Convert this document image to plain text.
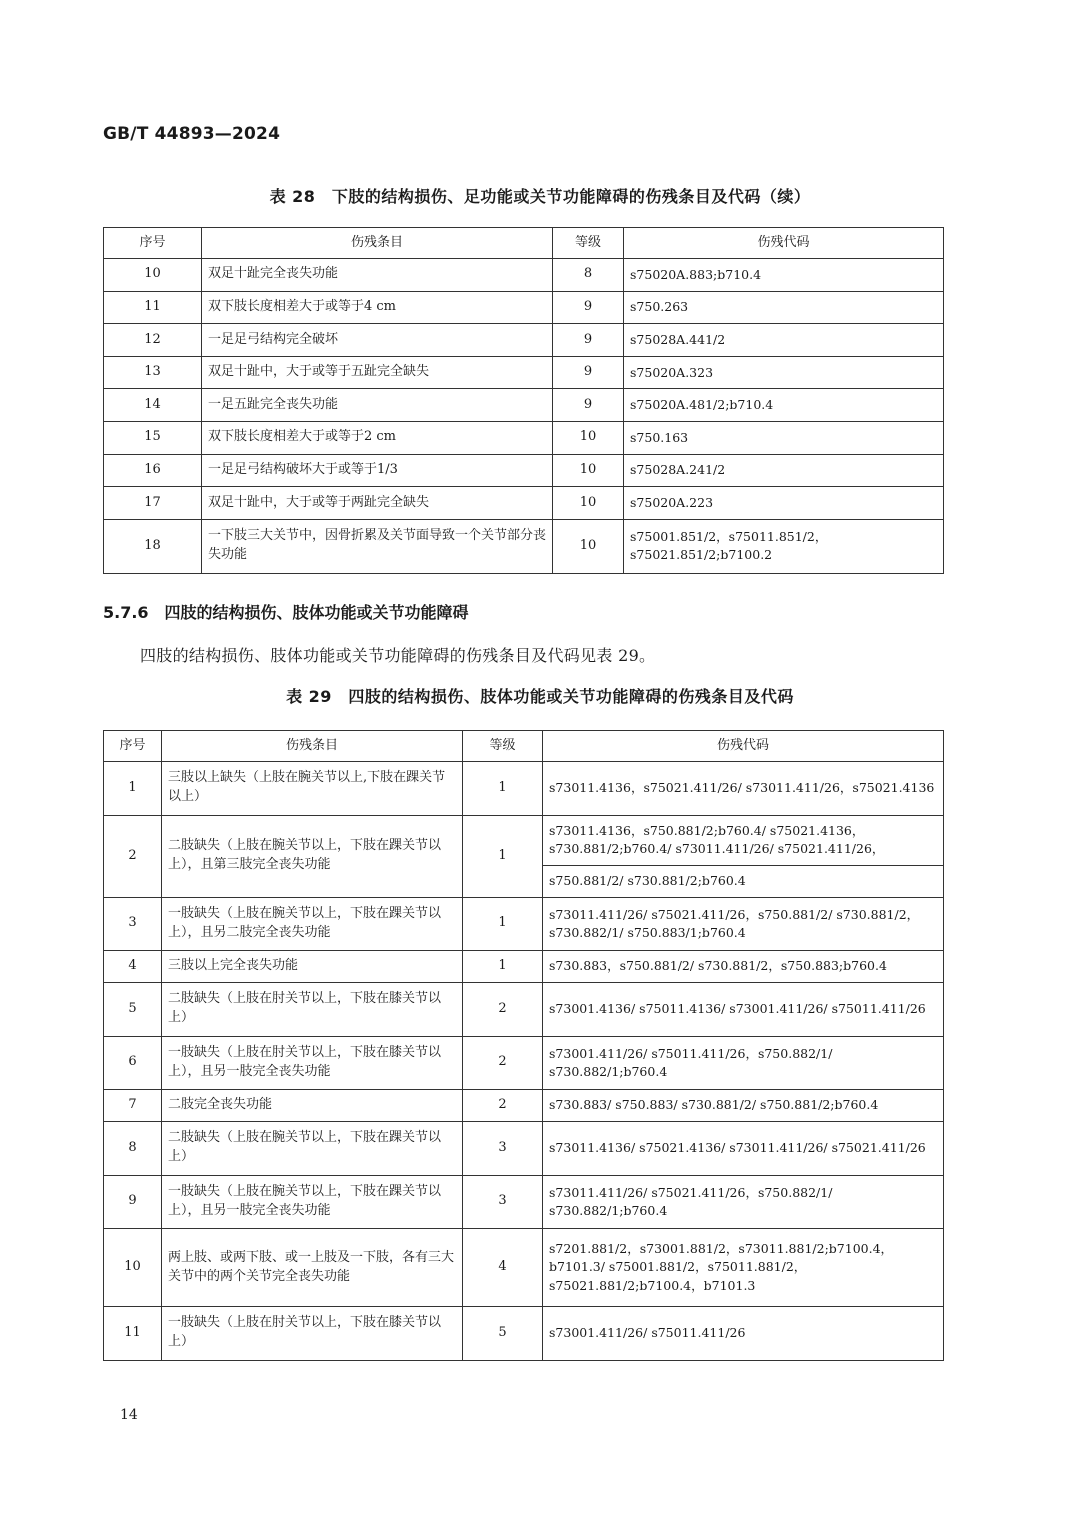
GB/T 44893—2024
表 28　下肢的结构损伤、足功能或关节功能障碍的伤残条目及代码（续）
序号	伤残条目	等级	伤残代码
10	双足十趾完全丧失功能	8	s75020A.883;b710.4
11	双下肢长度相差大于或等于4 cm	9	s750.263
12	一足足弓结构完全破坏	9	s75028A.441/2
13	双足十趾中，大于或等于五趾完全缺失	9	s75020A.323
14	一足五趾完全丧失功能	9	s75020A.481/2;b710.4
15	双下肢长度相差大于或等于2 cm	10	s750.163
16	一足足弓结构破坏大于或等于1/3	10	s75028A.241/2
17	双足十趾中，大于或等于两趾完全缺失	10	s75020A.223
18	一下肢三大关节中，因骨折累及关节面导致一个关节部分丧失功能	10	s75001.851/2，s75011.851/2，s75021.851/2;b7100.2
5.7.6　四肢的结构损伤、肢体功能或关节功能障碍
四肢的结构损伤、肢体功能或关节功能障碍的伤残条目及代码见表 29。
表 29　四肢的结构损伤、肢体功能或关节功能障碍的伤残条目及代码
序号	伤残条目	等级	伤残代码
1	三肢以上缺失（上肢在腕关节以上,下肢在踝关节以上）	1	s73011.4136，s75021.411/26/ s73011.411/26，s75021.4136
2	二肢缺失（上肢在腕关节以上，下肢在踝关节以上），且第三肢完全丧失功能	1	s73011.4136，s750.881/2;b760.4/ s75021.4136，s730.881/2;b760.4/ s73011.411/26/ s75021.411/26，
			s750.881/2/ s730.881/2;b760.4
3	一肢缺失（上肢在腕关节以上，下肢在踝关节以上），且另二肢完全丧失功能	1	s73011.411/26/ s75021.411/26，s750.881/2/ s730.881/2，s730.882/1/ s750.883/1;b760.4
4	三肢以上完全丧失功能	1	s730.883，s750.881/2/ s730.881/2，s750.883;b760.4
5	二肢缺失（上肢在肘关节以上，下肢在膝关节以上）	2	s73001.4136/ s75011.4136/ s73001.411/26/ s75011.411/26
6	一肢缺失（上肢在肘关节以上，下肢在膝关节以上），且另一肢完全丧失功能	2	s73001.411/26/ s75011.411/26，s750.882/1/ s730.882/1;b760.4
7	二肢完全丧失功能	2	s730.883/ s750.883/ s730.881/2/ s750.881/2;b760.4
8	二肢缺失（上肢在腕关节以上，下肢在踝关节以上）	3	s73011.4136/ s75021.4136/ s73011.411/26/ s75021.411/26
9	一肢缺失（上肢在腕关节以上，下肢在踝关节以上），且另一肢完全丧失功能	3	s73011.411/26/ s75021.411/26，s750.882/1/ s730.882/1;b760.4
10	两上肢、或两下肢、或一上肢及一下肢，各有三大关节中的两个关节完全丧失功能	4	s7201.881/2，s73001.881/2，s73011.881/2;b7100.4，b7101.3/ s75001.881/2，s75011.881/2，s75021.881/2;b7100.4，b7101.3
11	一肢缺失（上肢在肘关节以上，下肢在膝关节以上）	5	s73001.411/26/ s75011.411/26
14
